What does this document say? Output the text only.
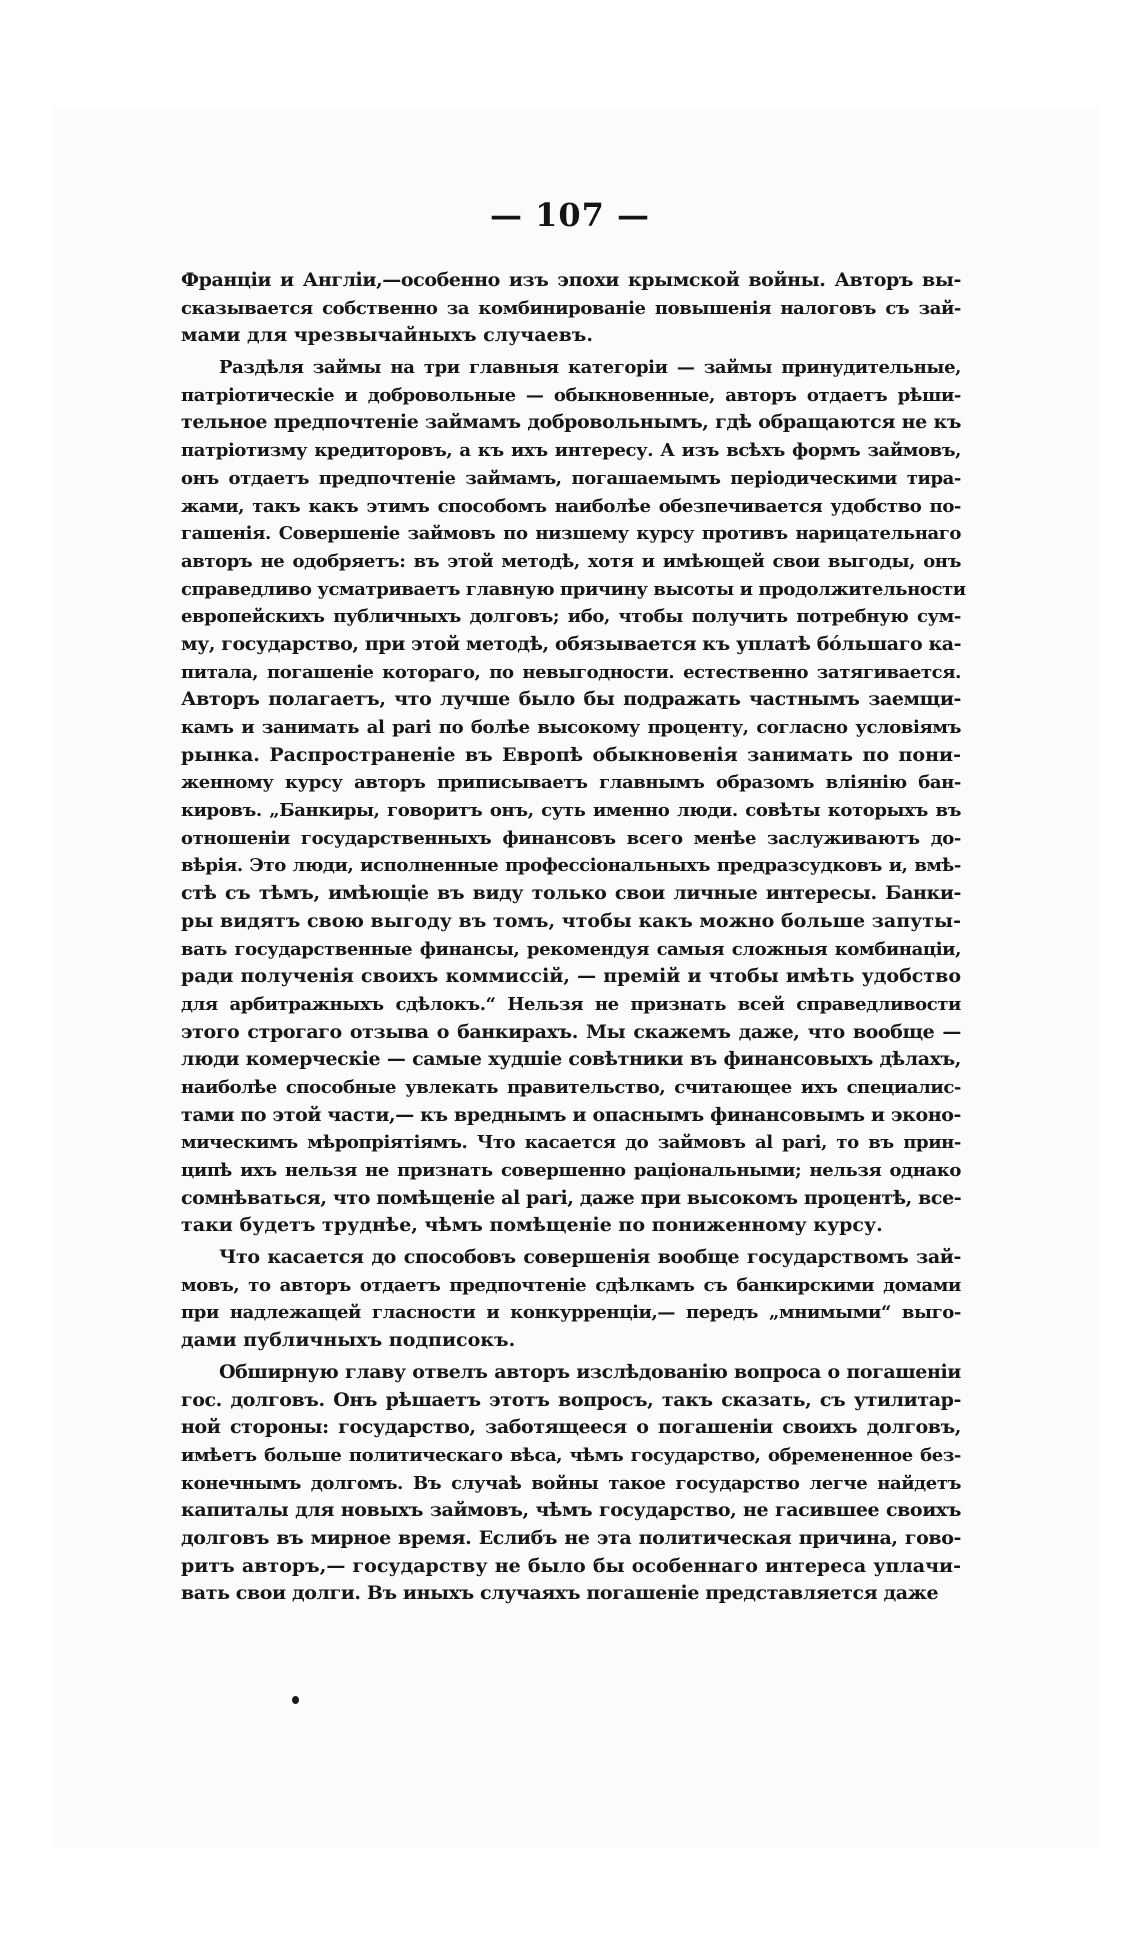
— 107 —
Франціи и Англіи,—особенно изъ эпохи крымской войны. Авторъ вы-
сказывается собственно за комбинированіе повышенія налоговъ съ зай-
мами для чрезвычайныхъ случаевъ.
Раздѣля займы на три главныя категоріи — займы принудительные,
патріотическіе и добровольные — обыкновенные, авторъ отдаетъ рѣши-
тельное предпочтеніе займамъ добровольнымъ, гдѣ обращаются не къ
патріотизму кредиторовъ, а къ ихъ интересу. А изъ всѣхъ формъ займовъ,
онъ отдаетъ предпочтеніе займамъ, погашаемымъ періодическими тира-
жами, такъ какъ этимъ способомъ наиболѣе обезпечивается удобство по-
гашенія. Совершеніе займовъ по низшему курсу противъ нарицательнаго
авторъ не одобряетъ: въ этой методѣ, хотя и имѣющей свои выгоды, онъ
справедливо усматриваетъ главную причину высоты и продолжительности
европейскихъ публичныхъ долговъ; ибо, чтобы получить потребную сум-
му, государство, при этой методѣ, обязывается къ уплатѣ бо́льшаго ка-
питала, погашеніе котораго, по невыгодности. естественно затягивается.
Авторъ полагаетъ, что лучше было бы подражать частнымъ заемщи-
камъ и занимать al pari по болѣе высокому проценту, согласно условіямъ
рынка. Распространеніе въ Европѣ обыкновенія занимать по пони-
женному курсу авторъ приписываетъ главнымъ образомъ вліянію бан-
кировъ. „Банкиры, говоритъ онъ, суть именно люди. совѣты которыхъ въ
отношеніи государственныхъ финансовъ всего менѣе заслуживаютъ до-
вѣрія. Это люди, исполненные профессіональныхъ предразсудковъ и, вмѣ-
стѣ съ тѣмъ, имѣющіе въ виду только свои личные интересы. Банки-
ры видятъ свою выгоду въ томъ, чтобы какъ можно больше запуты-
вать государственные финансы, рекомендуя самыя сложныя комбинаціи,
ради полученія своихъ коммиссій, — премій и чтобы имѣть удобство
для арбитражныхъ сдѣлокъ.“ Нельзя не признать всей справедливости
этого строгаго отзыва о банкирахъ. Мы скажемъ даже, что вообще —
люди комерческіе — самые худшіе совѣтники въ финансовыхъ дѣлахъ,
наиболѣе способные увлекать правительство, считающее ихъ специалис-
тами по этой части,— къ вреднымъ и опаснымъ финансовымъ и эконо-
мическимъ мѣропріятіямъ. Что касается до займовъ al pari, то въ прин-
ципѣ ихъ нельзя не признать совершенно раціональными; нельзя однако
сомнѣваться, что помѣщеніе al pari, даже при высокомъ процентѣ, все-
таки будетъ труднѣе, чѣмъ помѣщеніе по пониженному курсу.
Что касается до способовъ совершенія вообще государствомъ зай-
мовъ, то авторъ отдаетъ предпочтеніе сдѣлкамъ съ банкирскими домами
при надлежащей гласности и конкурренціи,— передъ „мнимыми“ выго-
дами публичныхъ подписокъ.
Обширную главу отвелъ авторъ изслѣдованію вопроса о погашеніи
гос. долговъ. Онъ рѣшаетъ этотъ вопросъ, такъ сказать, съ утилитар-
ной стороны: государство, заботящееся о погашеніи своихъ долговъ,
имѣетъ больше политическаго вѣса, чѣмъ государство, обремененное без-
конечнымъ долгомъ. Въ случаѣ войны такое государство легче найдетъ
капиталы для новыхъ займовъ, чѣмъ государство, не гасившее своихъ
долговъ въ мирное время. Еслибъ не эта политическая причина, гово-
ритъ авторъ,— государству не было бы особеннаго интереса уплачи-
вать свои долги. Въ иныхъ случаяхъ погашеніе представляется даже
